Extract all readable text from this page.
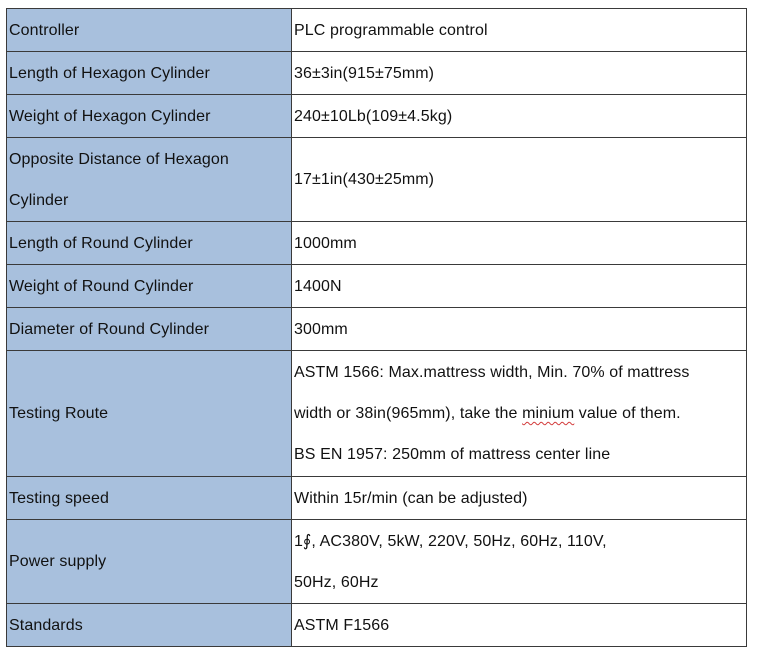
Controller	PLC programmable control
Length of Hexagon Cylinder	36±3in(915±75mm)
Weight of Hexagon Cylinder	240±10Lb(109±4.5kg)

Opposite Distance of Hexagon
Cylinder	17±1in(430±25mm)
Length of Round Cylinder	1000mm
Weight of Round Cylinder	1400N
Diameter of Round Cylinder	300mm
Testing Route	ASTM 1566: Max.mattress width, Min. 70% of mattress
width or 38in(965mm), take the minium value of them.
BS EN 1957: 250mm of mattress center line

Testing speed	Within 15r/min (can be adjusted)
Power supply	1∮, AC380V, 5kW, 220V, 50Hz, 60Hz, 110V,
50Hz, 60Hz

Standards	ASTM F1566
